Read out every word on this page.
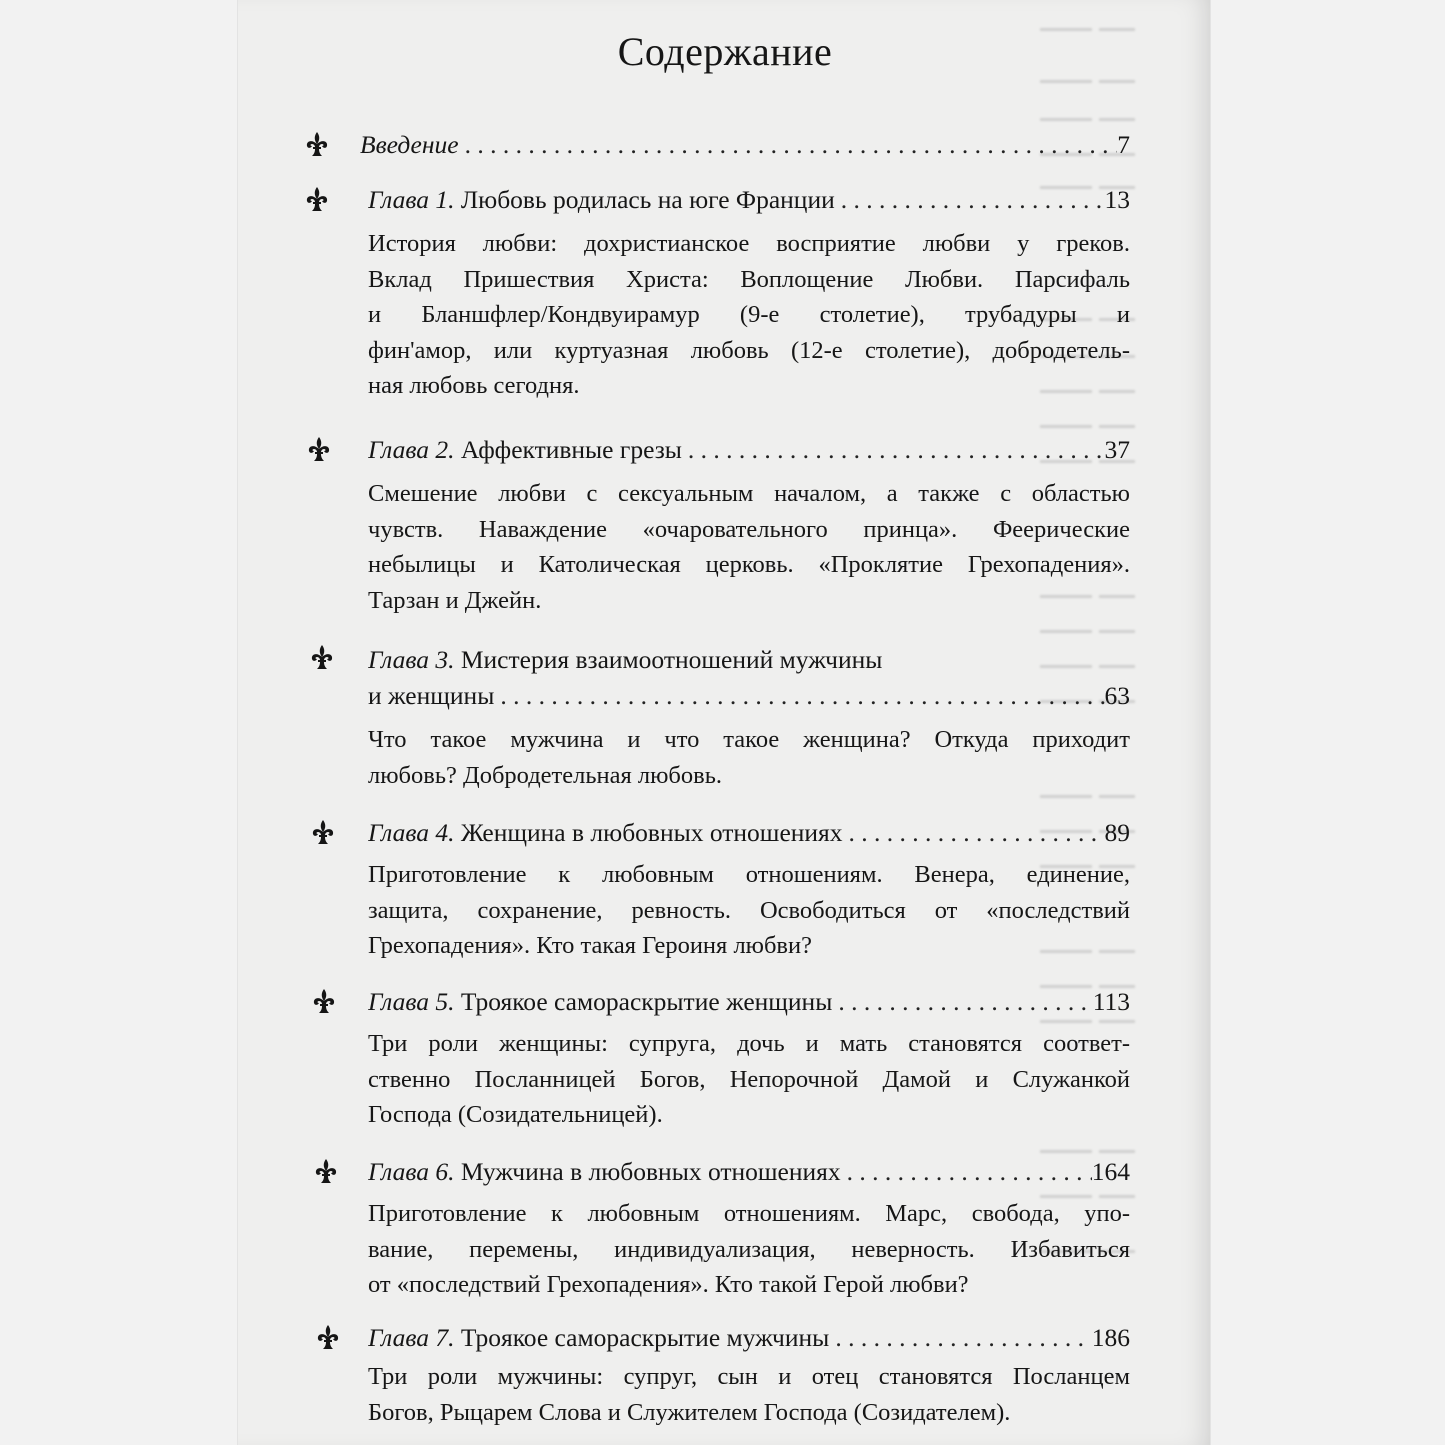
Содержание
Введение . . .	7
Глава 1.
Любовь родилась на юге Франции . . .	13
История любви: дохристианское восприятие любви у греков.
Вклад Пришествия Христа: Воплощение Любви. Парсифаль
и Бланшфлер/Кондвуирамур (9-е столетие), трубадуры и
фин'амор, или куртуазная любовь (12-е столетие), добродетель-
ная любовь сегодня.
Глава 2.
Аффективные грезы . . .	37
Смешение любви с сексуальным началом, а также с областью
чувств. Наваждение «очаровательного принца». Феерические
небылицы и Католическая церковь. «Проклятие Грехопадения».
Тарзан и Джейн.
Глава 3.
Мистерия взаимоотношений мужчины
и женщины . . .	63
Что такое мужчина и что такое женщина? Откуда приходит
любовь? Добродетельная любовь.
Глава 4.
Женщина в любовных отношениях . . .	89
Приготовление к любовным отношениям. Венера, единение,
защита, сохранение, ревность. Освободиться от «последствий
Грехопадения». Кто такая Героиня любви?
Глава 5.
Троякое самораскрытие женщины . . .	113
Три роли женщины: супруга, дочь и мать становятся соответ-
ственно Посланницей Богов, Непорочной Дамой и Служанкой
Господа (Созидательницей).
Глава 6.
Мужчина в любовных отношениях . . .	164
Приготовление к любовным отношениям. Марс, свобода, упо-
вание, перемены, индивидуализация, неверность. Избавиться
от «последствий Грехопадения». Кто такой Герой любви?
Глава 7.
Трoякое самораскрытие мужчины . . .	186
Три роли мужчины: супруг, сын и отец становятся Посланцем
Богов, Рыцарем Слова и Служителем Господа (Созидателем).
